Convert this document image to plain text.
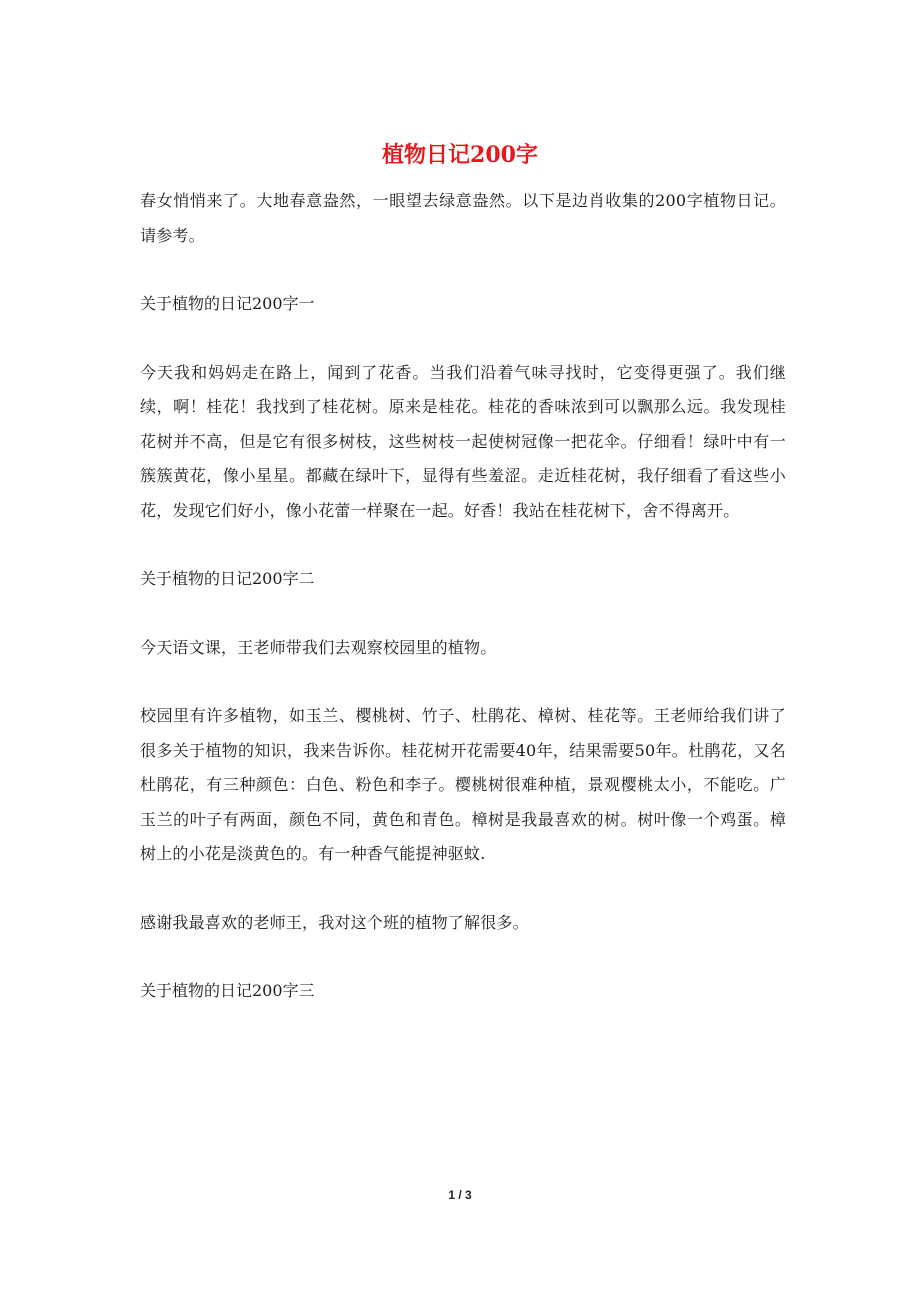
植物日记200字

春女悄悄来了。大地春意盎然，一眼望去绿意盎然。以下是边肖收集的200字植物日记。请参考。

关于植物的日记200字一

今天我和妈妈走在路上，闻到了花香。当我们沿着气味寻找时，它变得更强了。我们继续，啊！桂花！我找到了桂花树。原来是桂花。桂花的香味浓到可以飘那么远。我发现桂花树并不高，但是它有很多树枝，这些树枝一起使树冠像一把花伞。仔细看！绿叶中有一簇簇黄花，像小星星。都藏在绿叶下，显得有些羞涩。走近桂花树，我仔细看了看这些小花，发现它们好小，像小花蕾一样聚在一起。好香！我站在桂花树下，舍不得离开。

关于植物的日记200字二

今天语文课，王老师带我们去观察校园里的植物。

校园里有许多植物，如玉兰、樱桃树、竹子、杜鹃花、樟树、桂花等。王老师给我们讲了很多关于植物的知识，我来告诉你。桂花树开花需要40年，结果需要50年。杜鹃花，又名杜鹃花，有三种颜色：白色、粉色和李子。樱桃树很难种植，景观樱桃太小，不能吃。广玉兰的叶子有两面，颜色不同，黄色和青色。樟树是我最喜欢的树。树叶像一个鸡蛋。樟树上的小花是淡黄色的。有一种香气能提神驱蚊.

感谢我最喜欢的老师王，我对这个班的植物了解很多。

关于植物的日记200字三

1 / 3
